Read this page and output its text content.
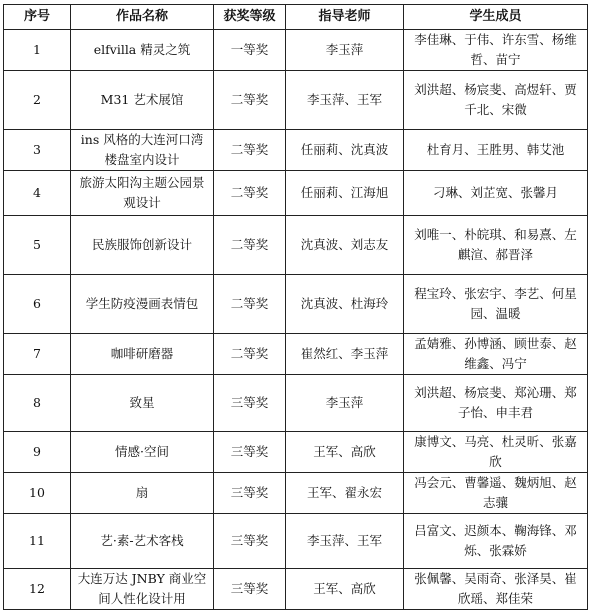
序号	作品名称	获奖等级	指导老师	学生成员
1	elfvilla 精灵之筑	一等奖	李玉萍	李佳琳、于伟、许东雪、杨维哲、苗宁
2	M31 艺术展馆	二等奖	李玉萍、王军	刘洪超、杨宸斐、高煜轩、贾千北、宋微
3	ins 风格的大连河口湾楼盘室内设计	二等奖	任丽莉、沈真波	杜育月、王胜男、韩艾池
4	旅游太阳沟主题公园景观设计	二等奖	任丽莉、江海旭	刁琳、刘芷宽、张馨月
5	民族服饰创新设计	二等奖	沈真波、刘志友	刘唯一、朴皖琪、和易熹、左麒渲、郝晋泽
6	学生防疫漫画表情包	二等奖	沈真波、杜海玲	程宝玲、张宏宇、李艺、何星园、温暖
7	咖啡研磨器	二等奖	崔然红、李玉萍	孟婧雅、孙博涵、顾世泰、赵维鑫、冯宁
8	致星	三等奖	李玉萍	刘洪超、杨宸斐、郑沁珊、郑子怡、申丰君
9	情感·空间	三等奖	王军、高欣	康博文、马亮、杜灵昕、张嘉欣
10	扇	三等奖	王军、翟永宏	冯会元、曹馨遥、魏炳旭、赵志骧
11	艺·素-艺术客栈	三等奖	李玉萍、王军	吕富文、迟颜本、鞠海锋、邓烁、张霖娇
12	大连万达 JNBY 商业空间人性化设计用	三等奖	王军、高欣	张佩馨、吴雨奇、张泽昊、崔欣瑶、郑佳荣
